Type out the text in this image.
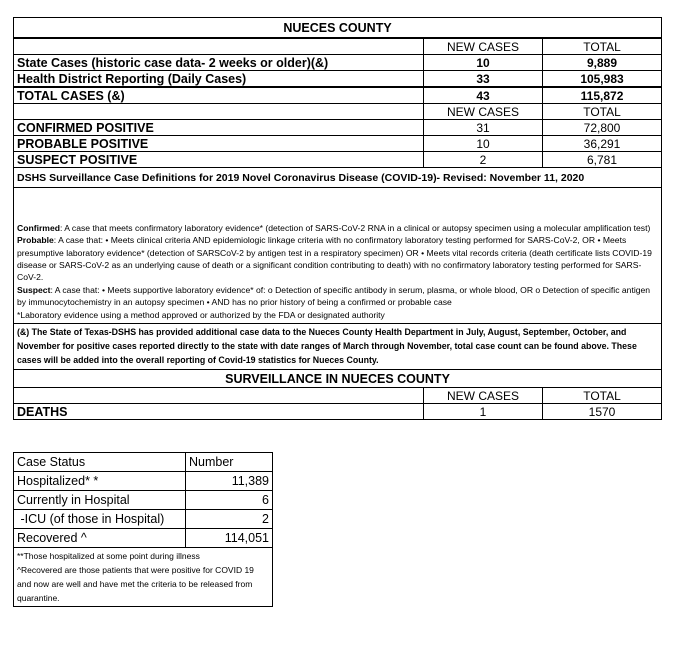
NUECES COUNTY		
	NEW CASES	TOTAL
State Cases (historic case data- 2 weeks or older)(&)	10	9,889
Health District Reporting (Daily Cases)	33	105,983
TOTAL CASES (&)	43	115,872
	NEW CASES	TOTAL
CONFIRMED POSITIVE	31	72,800
PROBABLE POSITIVE	10	36,291
SUSPECT POSITIVE	2	6,781
DSHS Surveillance Case Definitions for 2019 Novel Coronavirus Disease (COVID-19)- Revised: November 11, 2020		

Confirmed: A case that meets confirmatory laboratory evidence* (detection of SARS-CoV-2 RNA in a clinical or autopsy specimen using a molecular amplification test)
Probable: A case that: • Meets clinical criteria AND epidemiologic linkage criteria with no confirmatory laboratory testing performed for SARS-CoV-2, OR • Meets presumptive laboratory evidence* (detection of SARSCoV-2 by antigen test in a respiratory specimen) OR • Meets vital records criteria (death certificate lists COVID-19 disease or SARS-CoV-2 as an underlying cause of death or a significant condition contributing to death) with no confirmatory laboratory testing performed for SARS-CoV-2.
Suspect: A case that: • Meets supportive laboratory evidence* of: o Detection of specific antibody in serum, plasma, or whole blood, OR o Detection of specific antigen by immunocytochemistry in an autopsy specimen • AND has no prior history of being a confirmed or probable case
*Laboratory evidence using a method approved or authorized by the FDA or designated authority		

(&) The State of Texas-DSHS has provided additional case data to the Nueces County Health Department in July, August, September, October, and November for positive cases reported directly to the state with date ranges of March through November, total case count can be found above. These cases will be added into the overall reporting of Covid-19 statistics for Nueces County.		
SURVEILLANCE IN NUECES COUNTY		
	NEW CASES	TOTAL
DEATHS	1	1570
Case Status	Number
Hospitalized* *	11,389
Currently in Hospital	6
-ICU (of those in Hospital)	2
Recovered ^	114,051

**Those hospitalized at some point during illness
^Recovered are those patients that were positive for COVID 19 and now are well and have met the criteria to be released from quarantine.	
